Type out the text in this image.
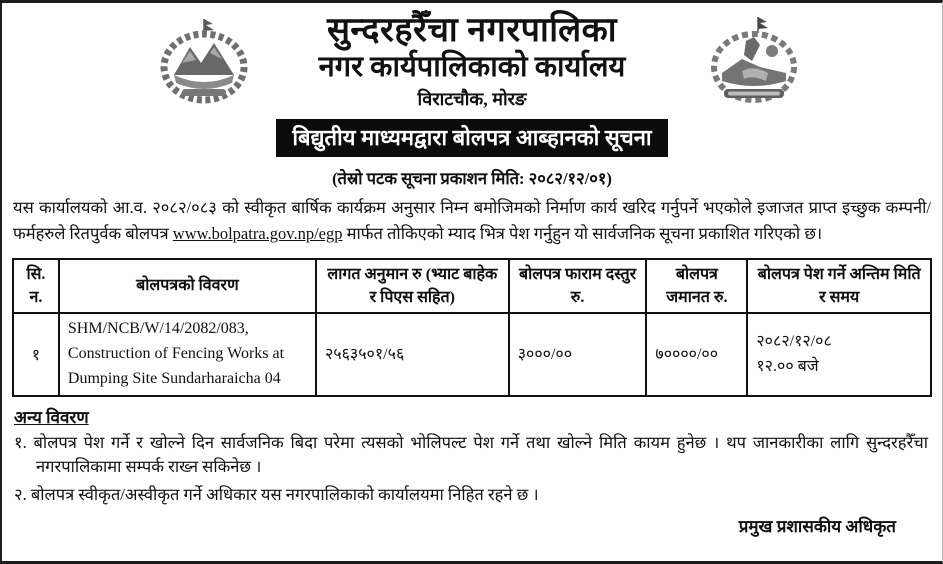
सुन्दरहरैँचा नगरपालिका
नगर कार्यपालिकाको कार्यालय
विराटचौक, मोरङ
बिद्युतीय माध्यमद्वारा बोलपत्र आब्हानको सूचना
(तेस्रो पटक सूचना प्रकाशन मिति: २०८२/१२/०१)
यस कार्यालयको आ.व. २०८२/०८३ को स्वीकृत बार्षिक कार्यक्रम अनुसार निम्न बमोजिमको निर्माण कार्य खरिद गर्नुपर्ने भएकोले इजाजत प्राप्त इच्छुक कम्पनी/फर्महरुले रितपुर्वक बोलपत्र www.bolpatra.gov.np/egp मार्फत तोकिएको म्याद भित्र पेश गर्नुहुन यो सार्वजनिक सूचना प्रकाशित गरिएको छ।
सि. न.	बोलपत्रको विवरण	लागत अनुमान रु (भ्याट बाहेक र पिएस सहित)	बोलपत्र फाराम दस्तुर रु.	बोलपत्र जमानत रु.	बोलपत्र पेश गर्ने अन्तिम मिति र समय
१	SHM/NCB/W/14/2082/083, Construction of Fencing Works at Dumping Site Sundarharaicha 04	२५६३५०१/५६	३०००/००	७००००/००	२०८२/१२/०८
१२.०० बजे
अन्य विवरण
१. बोलपत्र पेश गर्ने र खोल्ने दिन सार्वजनिक बिदा परेमा त्यसको भोलिपल्ट पेश गर्ने तथा खोल्ने मिति कायम हुनेछ । थप जानकारीका लागि सुन्दरहरैँचा नगरपालिकामा सम्पर्क राख्न सकिनेछ ।
२. बोलपत्र स्वीकृत/अस्वीकृत गर्ने अधिकार यस नगरपालिकाको कार्यालयमा निहित रहने छ ।
प्रमुख प्रशासकीय अधिकृत
